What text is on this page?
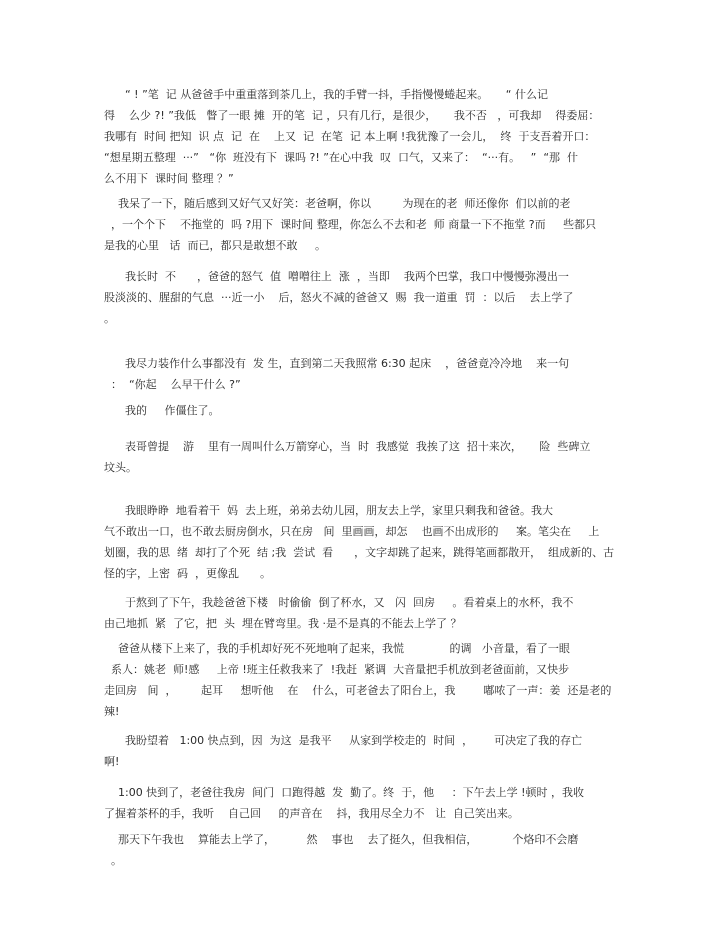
“ ! ”笔  记 从爸爸手中重重落到茶几上，我的手臂一抖，手指慢慢蜷起来。     “ 什么记
得    么少 ?! ”我低   瞥了一眼 摊  开的笔  记 ，只有几行，是很少，     我不否   ，可我却    得委屈：
我哪有  时间 把知  识 点  记  在    上又  记  在笔  记 本上啊 !我犹豫了一会儿，  终  于支吾着开口：
“想星期五整理  ···”   “你  班没有下  课吗 ?! ”在心中我  叹  口气，又来了：  “···有。   ”  “那  什
么不用下  课时间 整理 ？”
我呆了一下，随后感到又好气又好笑：老爸啊，你以         为现在的老  师还像你  们以前的老
，一个个下    不拖堂的  吗 ?用下  课时间 整理，你怎么不去和老  师 商量一下不拖堂 ?而     些都只
是我的心里   话  而已，都只是敢想不敢     。
我长时  不      ，爸爸的怒气  值  噌噌往上  涨  ，当即    我两个巴掌，我口中慢慢弥漫出一
股淡淡的、腥甜的气息  ···近一小    后，怒火不减的爸爸又  赐  我一道重  罚  ：以后    去上学了
。
我尽力装作什么事都没有  发 生，直到第二天我照常 6:30 起床    ，爸爸竟冷冷地    来一句
：  “你起    么早干什么 ?”
我的     作僵住了。
表哥曾提    游    里有一周叫什么万箭穿心，当  时  我感觉  我挨了这  招十来次，     险  些碑立
坟头。
我眼睁睁  地看着干  妈  去上班，弟弟去幼儿园，朋友去上学，家里只剩我和爸爸。我大
气不敢出一口，也不敢去厨房倒水，只在房   间  里画画，却怎    也画不出成形的     案。笔尖在     上
划圈，我的思  绪  却打了个死  结 ;我  尝试  看      ，文字却跳了起来，跳得笔画都散开，  组成新的、古
怪的字，上密  码  ，更像乱      。
于熬到了下午，我趁爸爸下楼   时偷偷  倒了杯水，又   闪  回房     。看着桌上的水杯，我不
由己地抓  紧  了它，把  头  埋在臂弯里。我 ·是不是真的不能去上学了 ？
爸爸从楼下上来了，我的手机却好死不死地响了起来，我慌             的调   小音量，看了一眼
系人：姚老  师!感     上帝 !班主任救我来了  !我赶  紧调  大音量把手机放到老爸面前，又快步
走回房   间  ，       起耳     想听他    在    什么，可老爸去了阳台上，我        嘟哝了一声：姜  还是老的
辣!
我盼望着   1:00 快点到，因  为这  是我平     从家到学校走的  时间  ，      可决定了我的存亡
啊!
1:00 快到了，老爸往我房  间门  口跑得越  发  勤了。终  于，他     ：下午去上学 !顿时 ，我收
了握着茶杯的手，我听    自己回     的声音在    抖，我用尽全力不   让  自己笑出来。
那天下午我也    算能去上学了，         然    事也    去了挺久，但我相信，          个烙印不会磨
。
